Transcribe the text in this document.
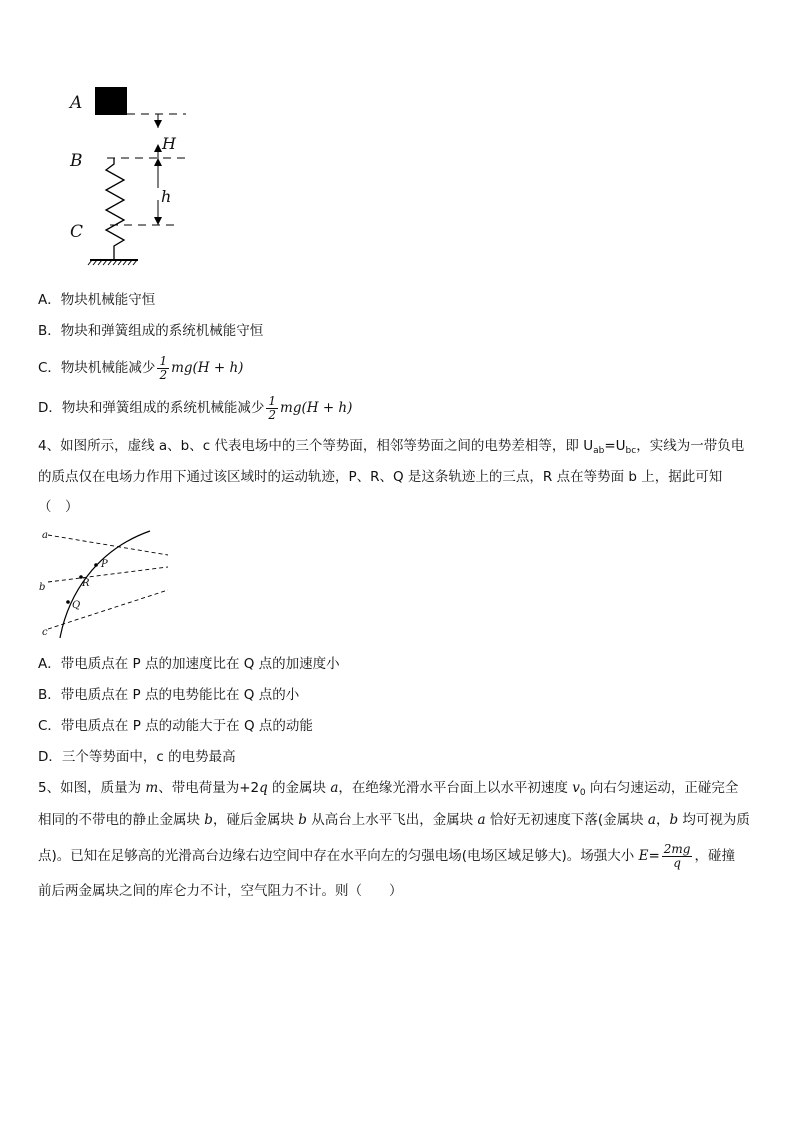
A
B
C
H
h
A．物块机械能守恒
B．物块和弹簧组成的系统机械能守恒
C．物块机械能减少 $\frac{1}{2} mg(H + h)$
D．物块和弹簧组成的系统机械能减少 $\frac{1}{2} mg(H + h)$
4、如图所示，虚线 a、b、c 代表电场中的三个等势面，相邻等势面之间的电势差相等，即 $U_{ab}=U_{bc}$，实线为一带负电
的质点仅在电场力作用下通过该区域时的运动轨迹，P、R、Q 是这条轨迹上的三点，R 点在等势面 b 上，据此可知
（　）
a
b
c
P
R
Q
A．带电质点在 P 点的加速度比在 Q 点的加速度小
B．带电质点在 P 点的电势能比在 Q 点的小
C．带电质点在 P 点的动能大于在 Q 点的动能
D．三个等势面中，c 的电势最高
5、如图，质量为 m、带电荷量为+2q 的金属块 a，在绝缘光滑水平台面上以水平初速度 $v_0$ 向右匀速运动，正碰完全
相同的不带电的静止金属块 b，碰后金属块 b 从高台上水平飞出，金属块 a 恰好无初速度下落(金属块 a，b 均可视为质
点)。已知在足够高的光滑高台边缘右边空间中存在水平向左的匀强电场(电场区域足够大)。场强大小 $E= \frac{2mg}{q}$ ，碰撞
前后两金属块之间的库仑力不计，空气阻力不计。则（　　）
